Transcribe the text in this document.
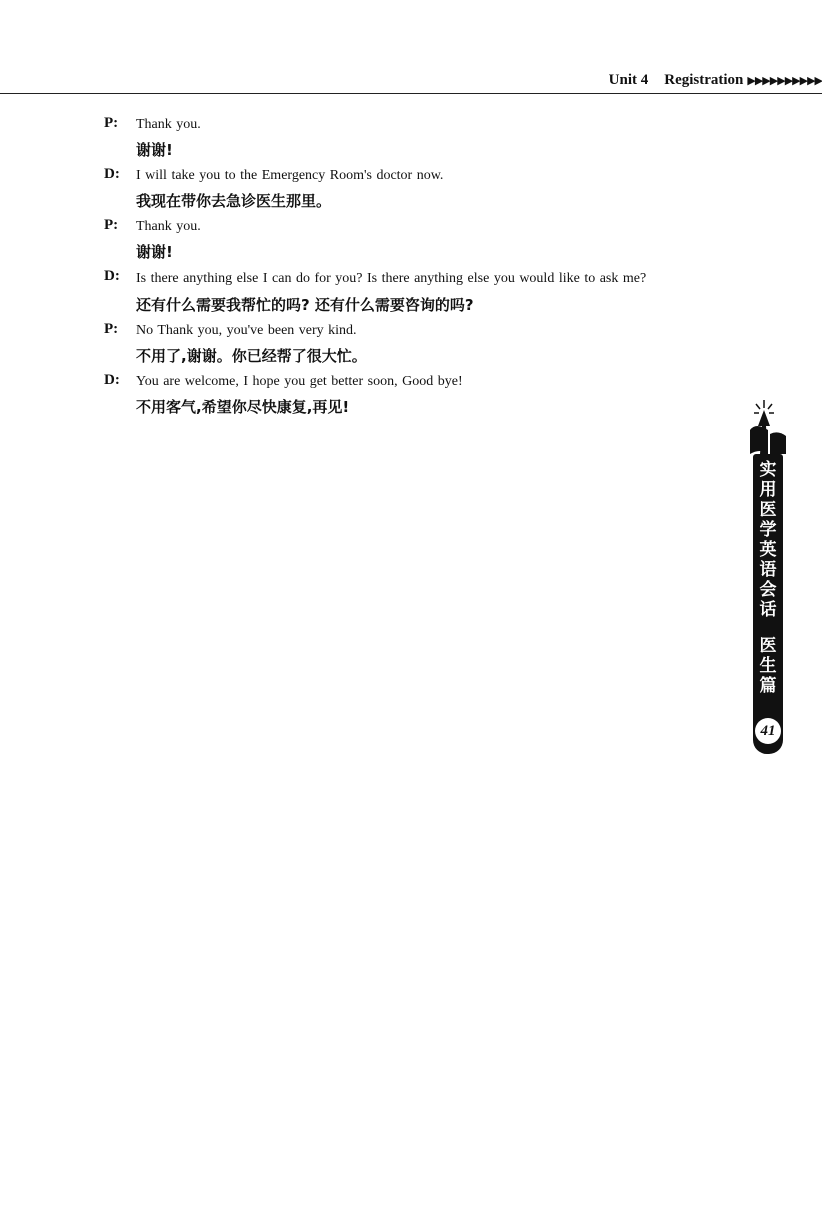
Unit 4 Registration ▶▶▶▶▶▶▶▶▶▶
P: Thank you.
谢谢!
D: I will take you to the Emergency Room's doctor now.
我现在带你去急诊医生那里。
P: Thank you.
谢谢!
D: Is there anything else I can do for you? Is there anything else you would like to ask me?
还有什么需要我帮忙的吗? 还有什么需要咨询的吗?
P: No Thank you, you've been very kind.
不用了,谢谢。你已经帮了很大忙。
D: You are welcome, I hope you get better soon, Good bye!
不用客气,希望你尽快康复,再见!
实用医学英语会话
医生篇
41
